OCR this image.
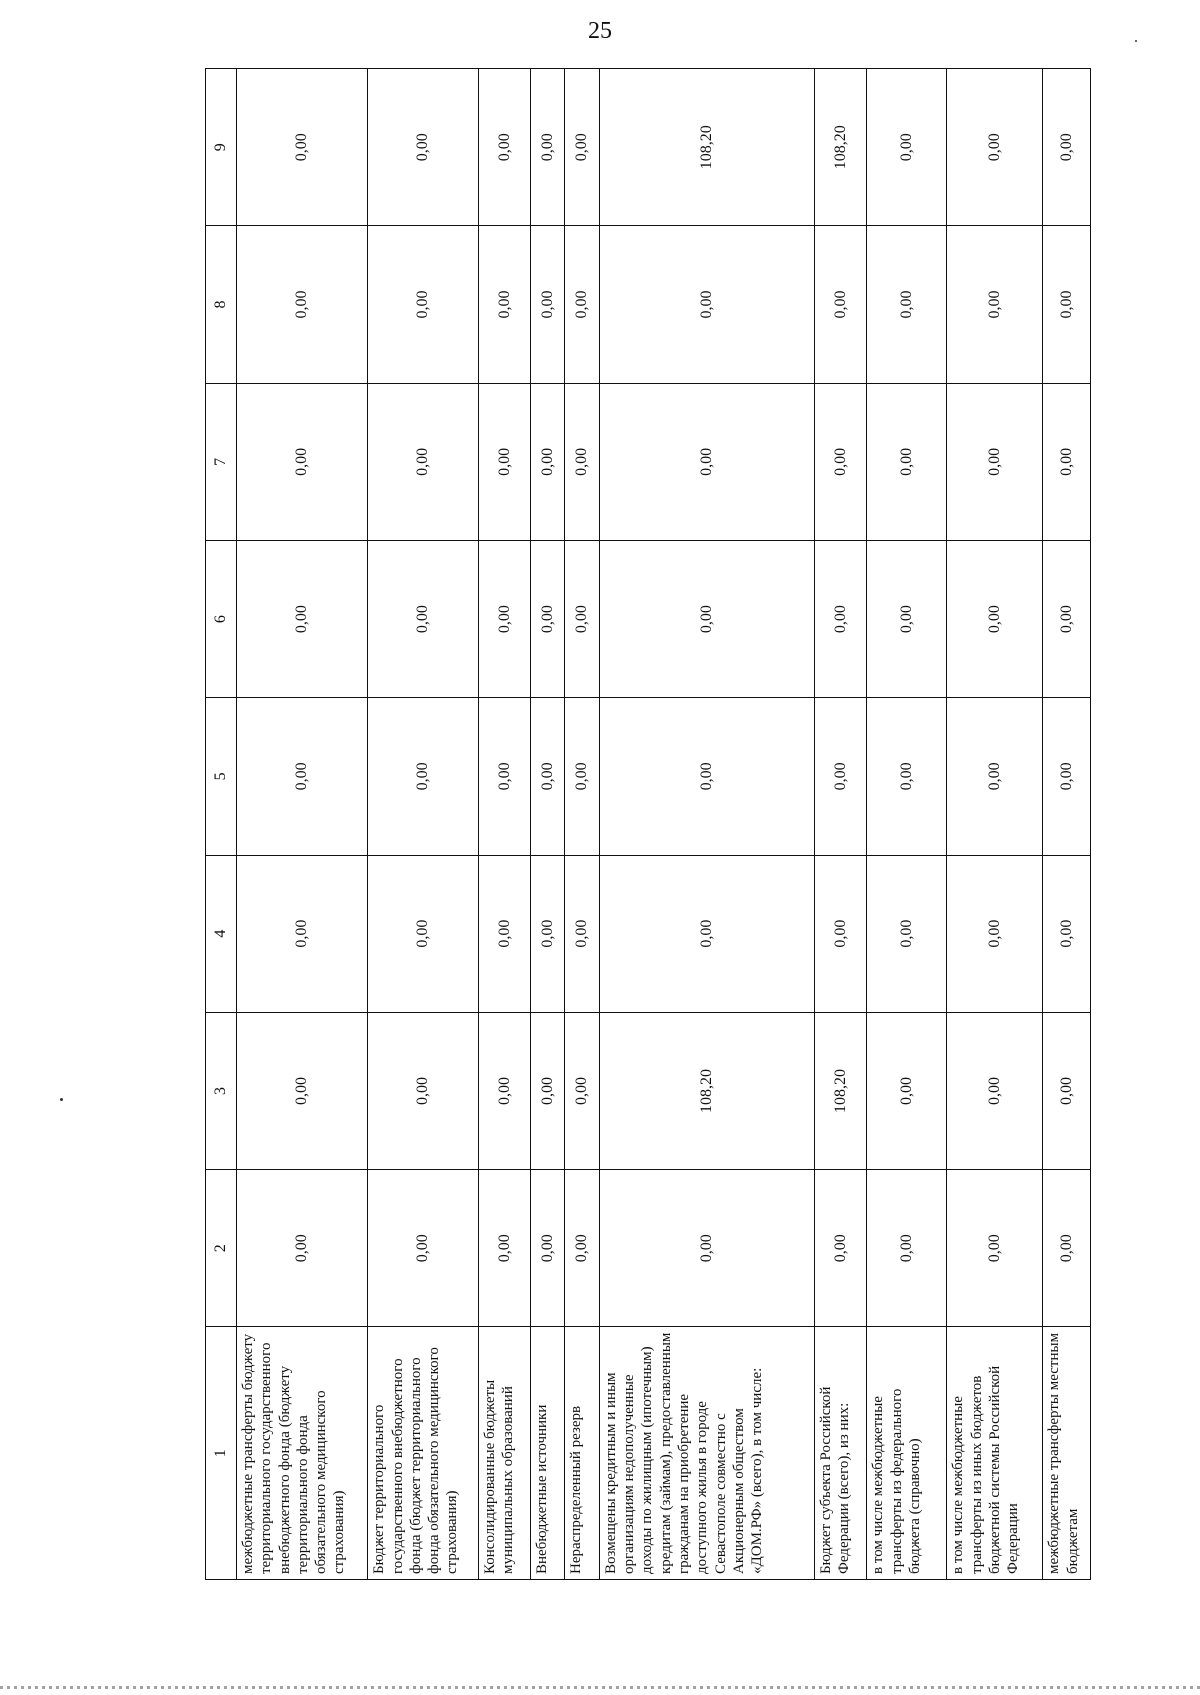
25
1	2	3	4	5	6	7	8	9
межбюджетные трансферты бюджету территориального государственного внебюджетного фонда (бюджету территориального фонда обязательного медицинского страхования)	0,00	0,00	0,00	0,00	0,00	0,00	0,00	0,00
Бюджет территориального государственного внебюджетного фонда (бюджет территориального фонда обязательного медицинского страхования)	0,00	0,00	0,00	0,00	0,00	0,00	0,00	0,00
Консолидированные бюджеты муниципальных образований	0,00	0,00	0,00	0,00	0,00	0,00	0,00	0,00
Внебюджетные источники	0,00	0,00	0,00	0,00	0,00	0,00	0,00	0,00
Нераспределенный резерв	0,00	0,00	0,00	0,00	0,00	0,00	0,00	0,00
Возмещены кредитным и иным организациям недополученные доходы по жилищным (ипотечным) кредитам (займам), предоставленным гражданам на приобретение доступного жилья в городе Севастополе совместно с Акционерным обществом «ДОМ.РФ» (всего), в том числе:	0,00	108,20	0,00	0,00	0,00	0,00	0,00	108,20
Бюджет субъекта Российской Федерации (всего), из них:	0,00	108,20	0,00	0,00	0,00	0,00	0,00	108,20
в том числе межбюджетные трансферты из федерального бюджета (справочно)	0,00	0,00	0,00	0,00	0,00	0,00	0,00	0,00
в том числе межбюджетные трансферты из иных бюджетов бюджетной системы Российской Федерации	0,00	0,00	0,00	0,00	0,00	0,00	0,00	0,00
межбюджетные трансферты местным бюджетам	0,00	0,00	0,00	0,00	0,00	0,00	0,00	0,00
